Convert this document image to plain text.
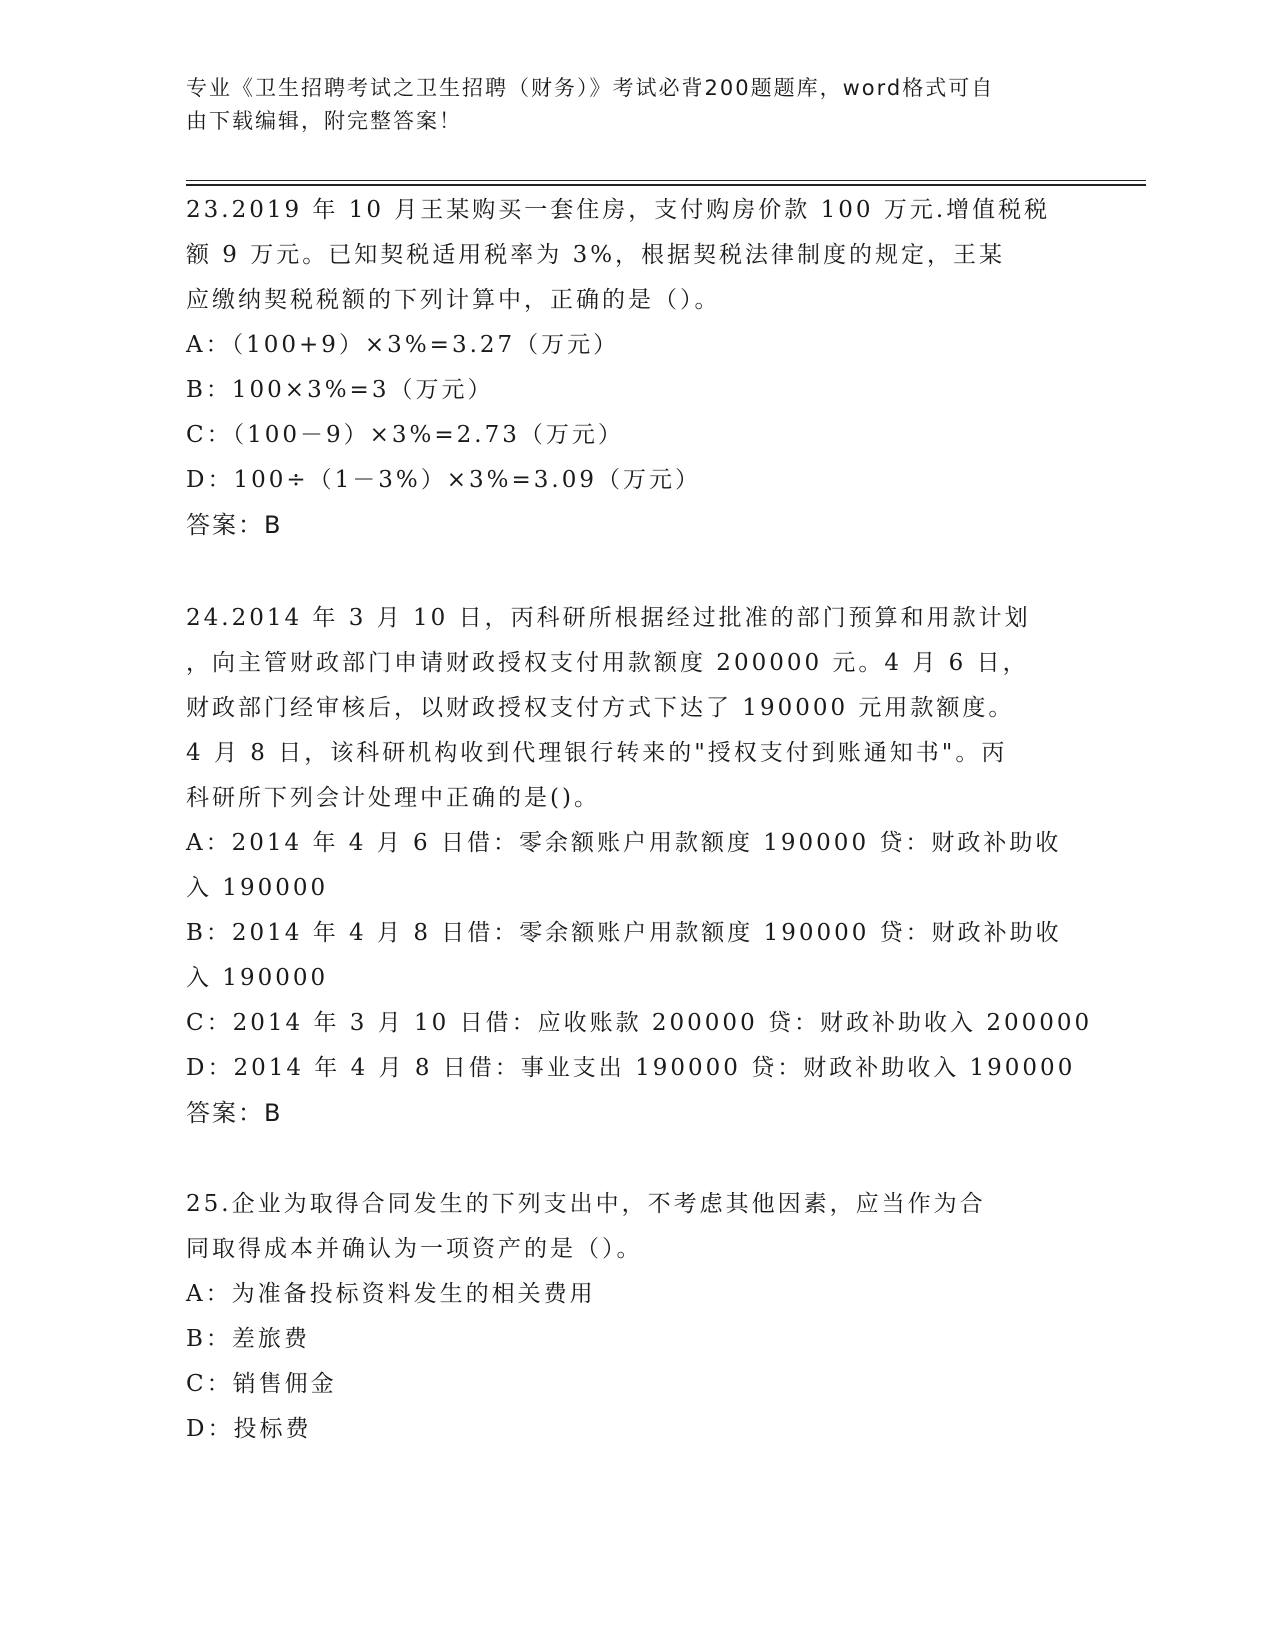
专业《卫生招聘考试之卫生招聘（财务）》考试必背200题题库，word格式可自
由下载编辑，附完整答案！
23.2019 年 10 月王某购买一套住房，支付购房价款 100 万元.增值税税
额 9 万元。已知契税适用税率为 3%，根据契税法律制度的规定，王某
应缴纳契税税额的下列计算中，正确的是（）。
A：（100+9）×3%=3.27（万元）
B：100×3%=3（万元）
C：（100－9）×3%=2.73（万元）
D：100÷（1－3%）×3%=3.09（万元）
答案：B
24.2014 年 3 月 10 日，丙科研所根据经过批准的部门预算和用款计划
，向主管财政部门申请财政授权支付用款额度 200000 元。4 月 6 日，
财政部门经审核后，以财政授权支付方式下达了 190000 元用款额度。
4 月 8 日，该科研机构收到代理银行转来的"授权支付到账通知书"。丙
科研所下列会计处理中正确的是()。
A：2014 年 4 月 6 日借：零余额账户用款额度 190000 贷：财政补助收
入 190000
B：2014 年 4 月 8 日借：零余额账户用款额度 190000 贷：财政补助收
入 190000
C：2014 年 3 月 10 日借：应收账款 200000 贷：财政补助收入 200000
D：2014 年 4 月 8 日借：事业支出 190000 贷：财政补助收入 190000
答案：B
25.企业为取得合同发生的下列支出中，不考虑其他因素，应当作为合
同取得成本并确认为一项资产的是（）。
A：为准备投标资料发生的相关费用
B：差旅费
C：销售佣金
D：投标费
